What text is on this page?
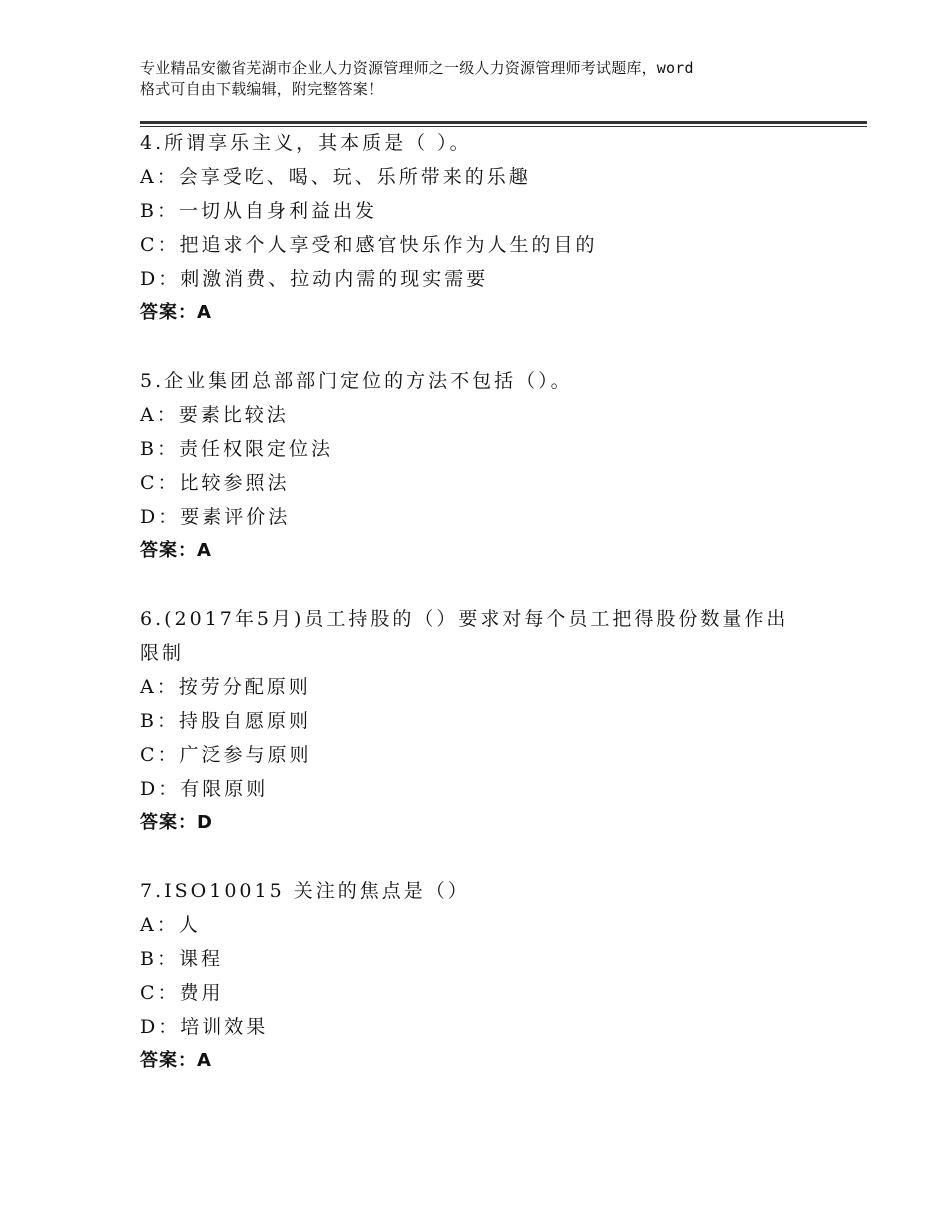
专业精品安徽省芜湖市企业人力资源管理师之一级人力资源管理师考试题库，word
格式可自由下载编辑，附完整答案！
4.所谓享乐主义，其本质是（ ）。
A：会享受吃、喝、玩、乐所带来的乐趣
B：一切从自身利益出发
C：把追求个人享受和感官快乐作为人生的目的
D：刺激消费、拉动内需的现实需要
答案：A
5.企业集团总部部门定位的方法不包括（）。
A：要素比较法
B：责任权限定位法
C：比较参照法
D：要素评价法
答案：A
6.(2017年5月)员工持股的（）要求对每个员工把得股份数量作出限制
A：按劳分配原则
B：持股自愿原则
C：广泛参与原则
D：有限原则
答案：D
7.ISO10015 关注的焦点是（）
A：人
B：课程
C：费用
D：培训效果
答案：A
